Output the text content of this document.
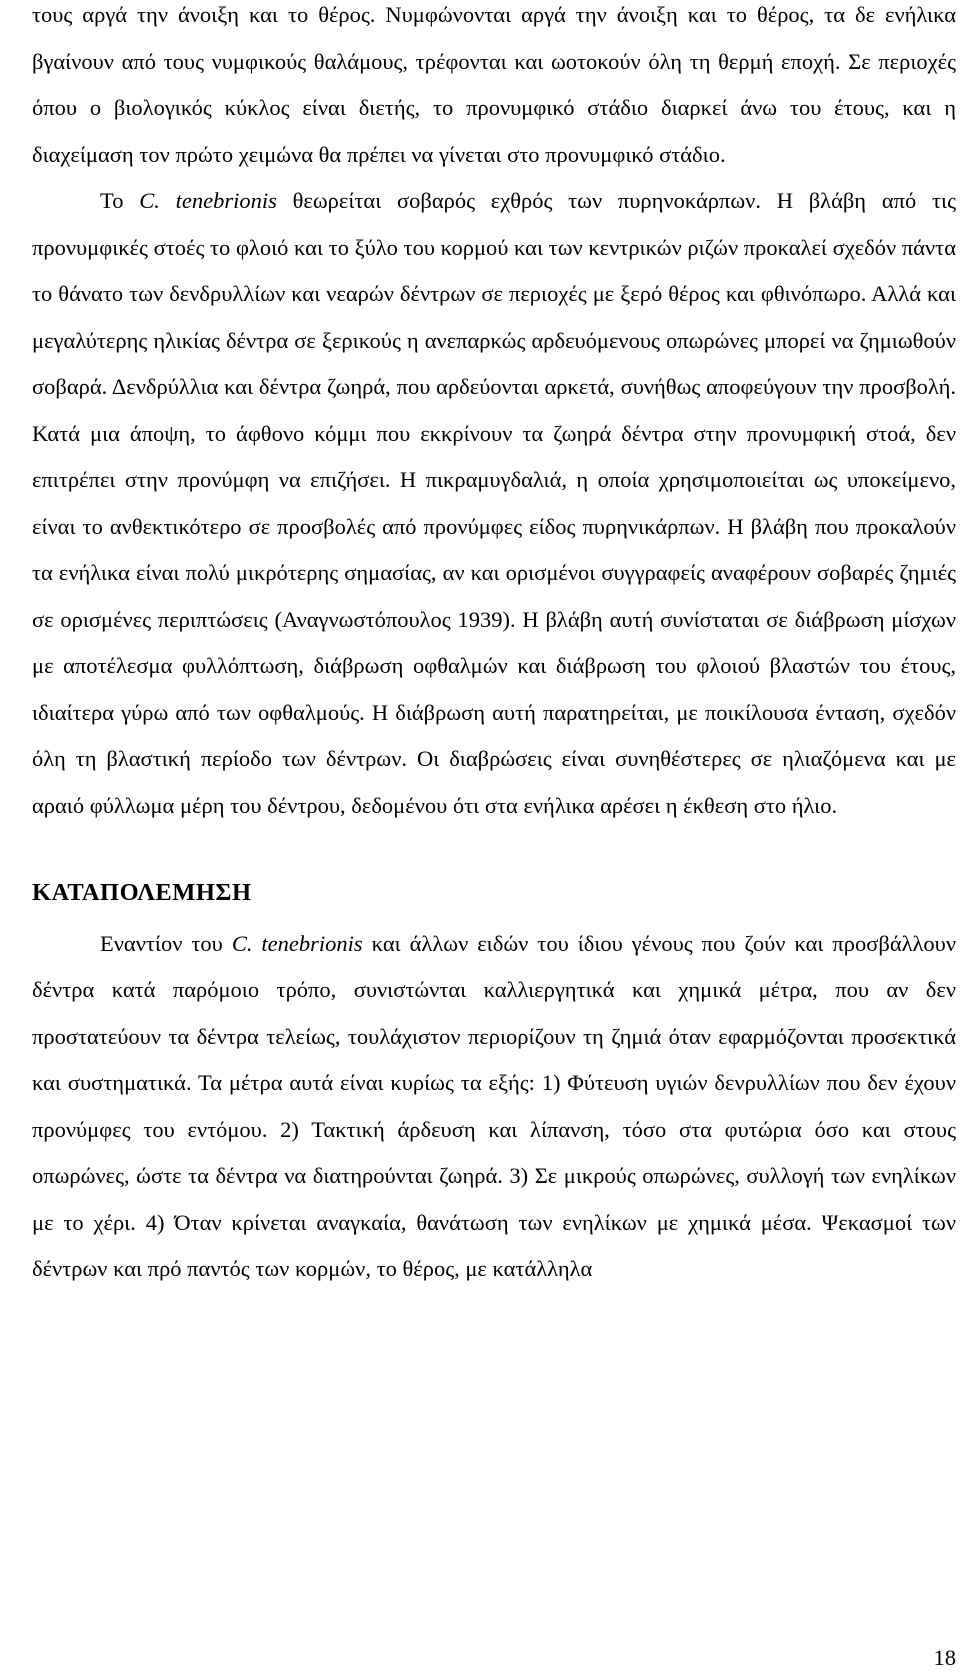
τους αργά την άνοιξη και το θέρος. Νυμφώνονται αργά την άνοιξη και το θέρος, τα δε ενήλικα βγαίνουν από τους νυμφικούς θαλάμους, τρέφονται και ωοτοκούν όλη τη θερμή εποχή. Σε περιοχές όπου ο βιολογικός κύκλος είναι διετής, το προνυμφικό στάδιο διαρκεί άνω του έτους, και η διαχείμαση τον πρώτο χειμώνα θα πρέπει να γίνεται στο προνυμφικό στάδιο.

Το C. tenebrionis θεωρείται σοβαρός εχθρός των πυρηνοκάρπων. Η βλάβη από τις προνυμφικές στοές το φλοιό και το ξύλο του κορμού και των κεντρικών ριζών προκαλεί σχεδόν πάντα το θάνατο των δενδρυλλίων και νεαρών δέντρων σε περιοχές με ξερό θέρος και φθινόπωρο. Αλλά και μεγαλύτερης ηλικίας δέντρα σε ξερικούς η ανεπαρκώς αρδευόμενους οπωρώνες μπορεί να ζημιωθούν σοβαρά. Δενδρύλλια και δέντρα ζωηρά, που αρδεύονται αρκετά, συνήθως αποφεύγουν την προσβολή. Κατά μια άποψη, το άφθονο κόμμι που εκκρίνουν τα ζωηρά δέντρα στην προνυμφική στοά, δεν επιτρέπει στην προνύμφη να επιζήσει. Η πικραμυγδαλιά, η οποία χρησιμοποιείται ως υποκείμενο, είναι το ανθεκτικότερο σε προσβολές από προνύμφες είδος πυρηνικάρπων. Η βλάβη που προκαλούν τα ενήλικα είναι πολύ μικρότερης σημασίας, αν και ορισμένοι συγγραφείς αναφέρουν σοβαρές ζημιές σε ορισμένες περιπτώσεις (Αναγνωστόπουλος 1939). Η βλάβη αυτή συνίσταται σε διάβρωση μίσχων με αποτέλεσμα φυλλόπτωση, διάβρωση οφθαλμών και διάβρωση του φλοιού βλαστών του έτους, ιδιαίτερα γύρω από των οφθαλμούς. Η διάβρωση αυτή παρατηρείται, με ποικίλουσα ένταση, σχεδόν όλη τη βλαστική περίοδο των δέντρων. Οι διαβρώσεις είναι συνηθέστερες σε ηλιαζόμενα και με αραιό φύλλωμα μέρη του δέντρου, δεδομένου ότι στα ενήλικα αρέσει η έκθεση στο ήλιο.

ΚΑΤΑΠΟΛΕΜΗΣΗ

Εναντίον του C. tenebrionis και άλλων ειδών του ίδιου γένους που ζούν και προσβάλλουν δέντρα κατά παρόμοιο τρόπο, συνιστώνται καλλιεργητικά και χημικά μέτρα, που αν δεν προστατεύουν τα δέντρα τελείως, τουλάχιστον περιορίζουν τη ζημιά όταν εφαρμόζονται προσεκτικά και συστηματικά. Τα μέτρα αυτά είναι κυρίως τα εξής: 1) Φύτευση υγιών δενρυλλίων που δεν έχουν προνύμφες του εντόμου. 2) Τακτική άρδευση και λίπανση, τόσο στα φυτώρια όσο και στους οπωρώνες, ώστε τα δέντρα να διατηρούνται ζωηρά. 3) Σε μικρούς οπωρώνες, συλλογή των ενηλίκων με το χέρι. 4) Όταν κρίνεται αναγκαία, θανάτωση των ενηλίκων με χημικά μέσα. Ψεκασμοί των δέντρων και πρό παντός των κορμών, το θέρος, με κατάλληλα

18
